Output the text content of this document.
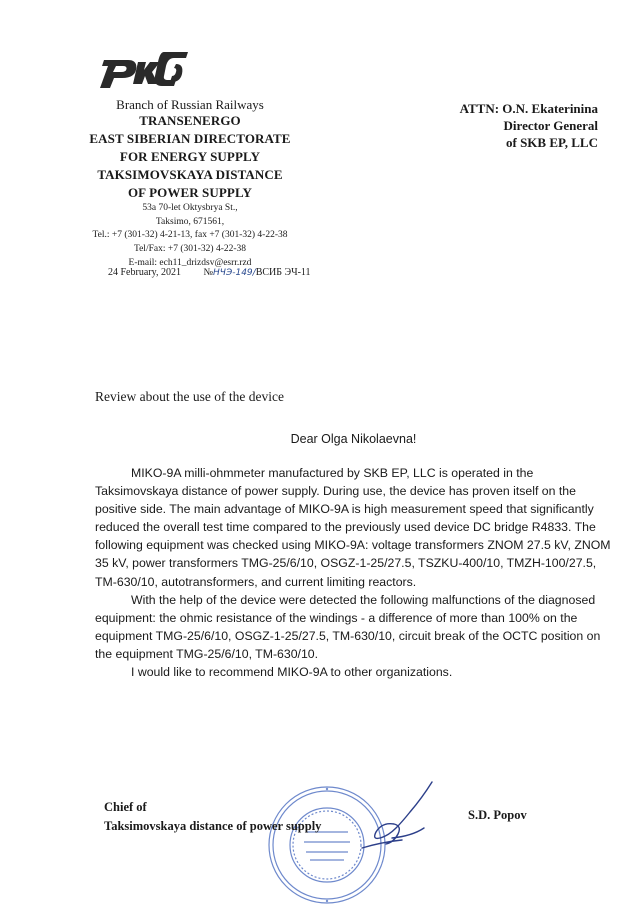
Branch of Russian Railways
TRANSENERGO
EAST SIBERIAN DIRECTORATE
FOR ENERGY SUPPLY
TAKSIMOVSKAYA DISTANCE
OF POWER SUPPLY
53a 70-let Oktysbrya St.,
Taksimo, 671561,
Tel.: +7 (301-32) 4-21-13, fax +7 (301-32) 4-22-38
Tel/Fax: +7 (301-32) 4-22-38
E-mail: ech11_drizdsv@esrr.rzd
24 February, 2021 №НЧЭ-149/ВСИБ ЭЧ-11
ATTN: O.N. Ekaterinina
Director General
of SKB EP, LLC
Review about the use of the device
Dear Olga Nikolaevna!

MIKO-9A milli-ohmmeter manufactured by SKB EP, LLC is operated in the Taksimovskaya distance of power supply. During use, the device has proven itself on the positive side. The main advantage of MIKO-9A is high measurement speed that significantly reduced the overall test time compared to the previously used device DC bridge R4833. The following equipment was checked using MIKO-9A: voltage transformers ZNOM 27.5 kV, ZNOM 35 kV, power transformers TMG-25/6/10, OSGZ-1-25/27.5, TSZKU-400/10, TMZH-100/27.5, TM-630/10, autotransformers, and current limiting reactors.

With the help of the device were detected the following malfunctions of the diagnosed equipment: the ohmic resistance of the windings - a difference of more than 100% on the equipment TMG-25/6/10, OSGZ-1-25/27.5, TM-630/10, circuit break of the OCTC position on the equipment TMG-25/6/10, TM-630/10.

I would like to recommend MIKO-9A to other organizations.

Chief of
Taksimovskaya distance of power supply
S.D. Popov
